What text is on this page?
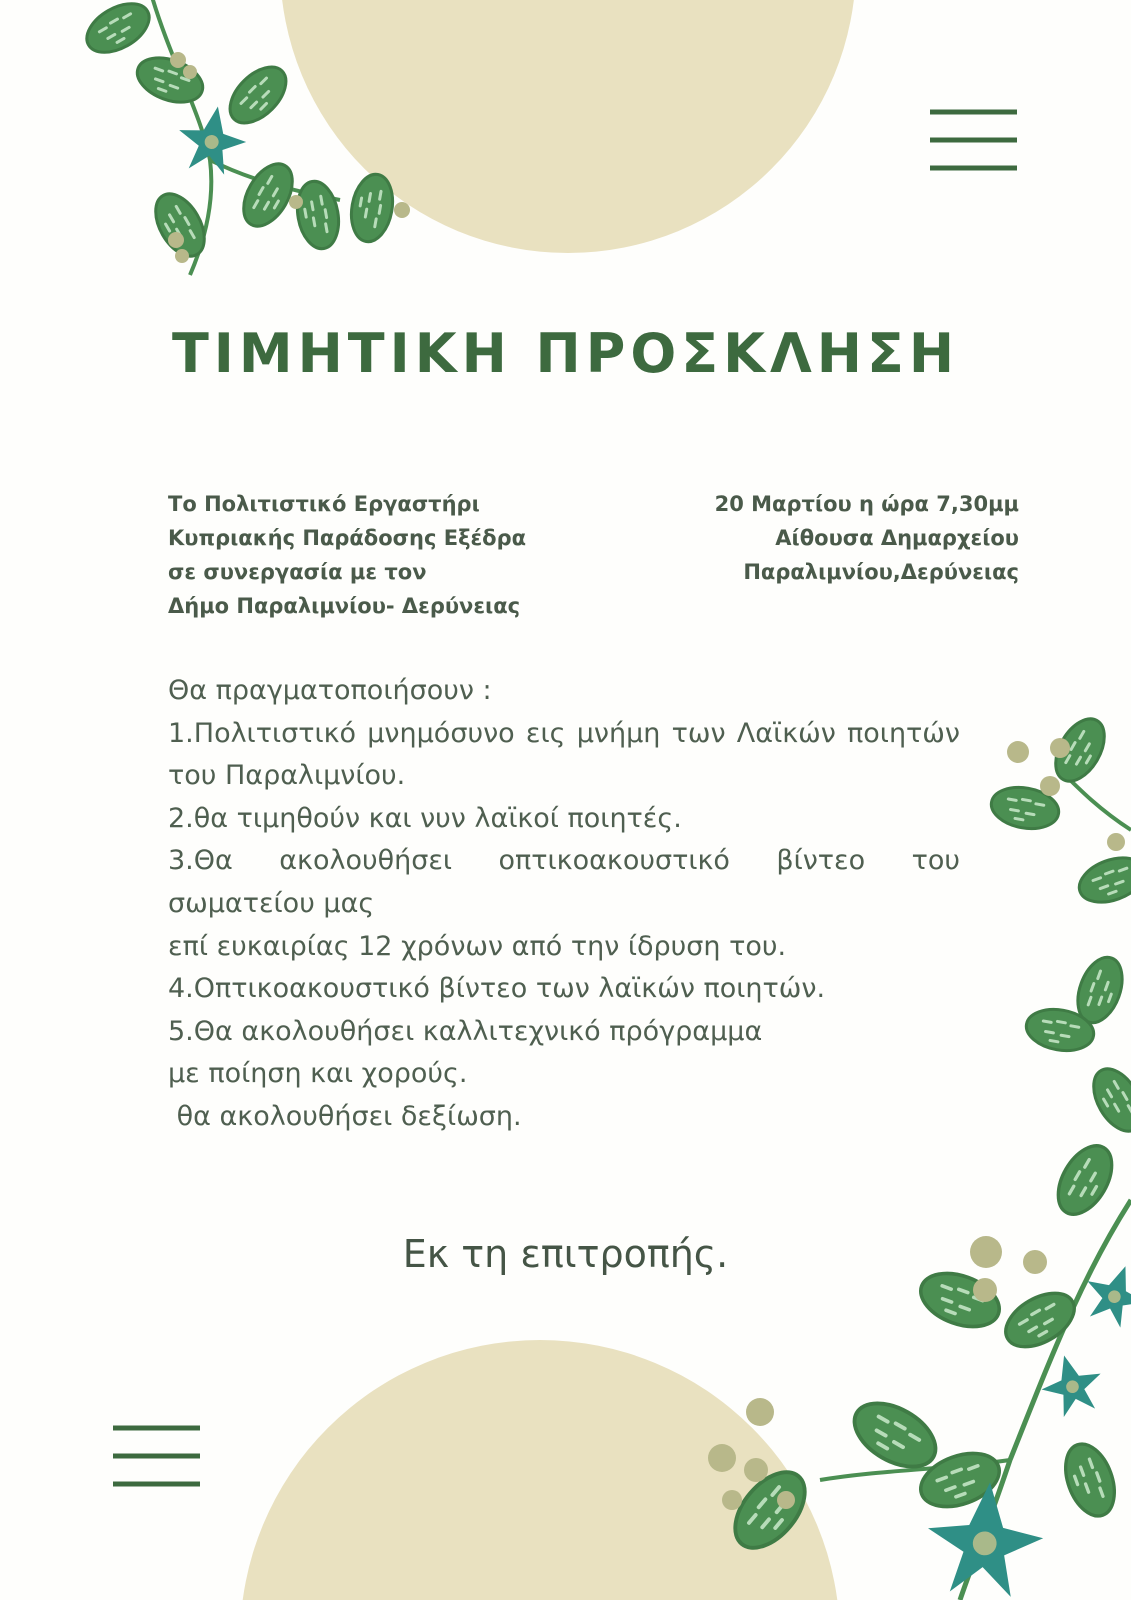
ΤΙΜΗΤΙΚΗ ΠΡΟΣΚΛΗΣΗ
Το Πολιτιστικό Εργαστήρι
Κυπριακής Παράδοσης Εξέδρα
σε συνεργασία με τον
Δήμο Παραλιμνίου- Δερύνειας
20 Μαρτίου η ώρα 7,30μμ
Αίθουσα Δημαρχείου
Παραλιμνίου,Δερύνειας
Θα πραγματοποιήσουν :
1.Πολιτιστικό μνημόσυνο εις μνήμη των Λαϊκών ποιητών του Παραλιμνίου.
2.θα τιμηθούν και νυν λαϊκοί ποιητές.
3.Θα ακολουθήσει οπτικοακουστικό βίντεο του σωματείου μας
επί ευκαιρίας 12 χρόνων από την ίδρυση του.
4.Οπτικοακουστικό βίντεο των λαϊκών ποιητών.
5.Θα ακολουθήσει καλλιτεχνικό πρόγραμμα
με ποίηση και χορούς.
θα ακολουθήσει δεξίωση.
Εκ τη επιτροπής.
